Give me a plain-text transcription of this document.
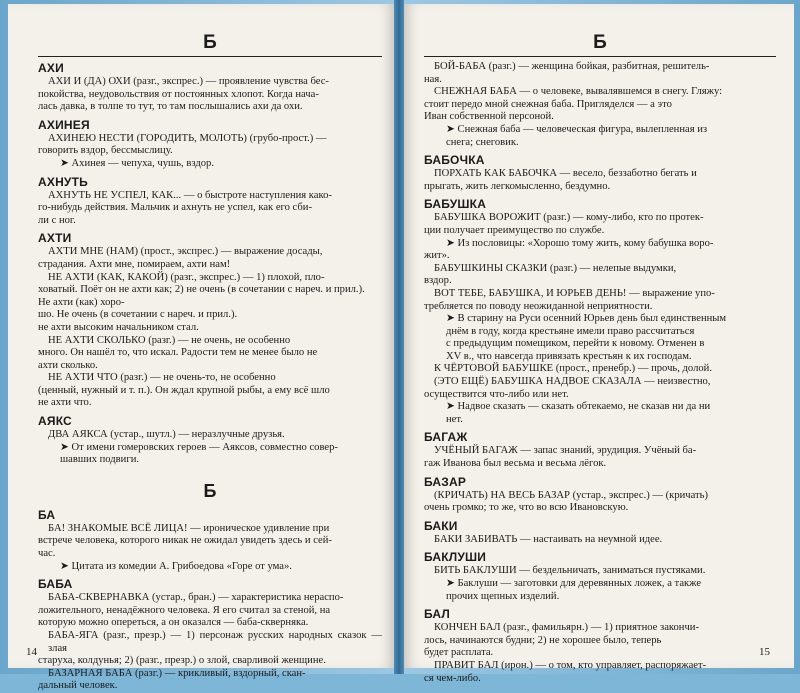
Б
АХИ
АХИ И (ДА) ОХИ (разг., экспрес.) — проявление чувства бес-
покойства, неудовольствия от постоянных хлопот. Когда нача-
лась давка, в толпе то тут, то там послышались ахи да охи.
АХИНЕЯ
АХИНЕЮ НЕСТИ (ГОРОДИТЬ, МОЛОТЬ) (грубо-прост.) —
говорить вздор, бессмыслицу.
➤ Ахинея — чепуха, чушь, вздор.
АХНУТЬ
АХНУТЬ НЕ УСПЕЛ, КАК... — о быстроте наступления како-
го-нибудь действия. Мальчик и ахнуть не успел, как его сби-
ли с ног.
АХТИ
АХТИ МНЕ (НАМ) (прост., экспрес.) — выражение досады,
страдания. Ахти мне, помираем, ахти нам!
НЕ АХТИ (КАК, КАКОЙ) (разг., экспрес.) — 1) плохой, пло-
ховатый. Поёт он не ахти как; 2) не очень (в сочетании с нареч. и прил.).
Не ахти (как) хоро-
шо. Не очень (в сочетании с нареч. и прил.).
не ахти высоким начальником стал.
НЕ АХТИ СКОЛЬКО (разг.) — не очень, не особенно
много. Он нашёл то, что искал. Радости тем не менее было не
ахти сколько.
НЕ АХТИ ЧТО (разг.) — не очень-то, не особенно
(ценный, нужный и т. п.). Он ждал крупной рыбы, а ему всё шло
не ахти что.
АЯКС
ДВА АЯКСА (устар., шутл.) — неразлучные друзья.
➤ От имени гомеровских героев — Аяксов, совместно совер-
шавших подвиги.
Б
БА
БА! ЗНАКОМЫЕ ВСЁ ЛИЦА! — ироническое удивление при
встрече человека, которого никак не ожидал увидеть здесь и сей-
час.
➤ Цитата из комедии А. Грибоедова «Горе от ума».
БАБА
БАБА-СКВЕРНАВКА (устар., бран.) — характеристика нераспо-
ложительного, ненадёжного человека. Я его считал за стеной, на
которую можно опереться, а он оказался — баба-скверняка.
БАБА-ЯГА (разг., презр.) — 1) персонаж русских народных сказок — злая
старуха, колдунья; 2) (разг., презр.) о злой, сварливой женщине.
БАЗАРНАЯ БАБА (разг.) — крикливый, вздорный, скан-
дальный человек.
14
Б
БОЙ-БАБА (разг.) — женщина бойкая, разбитная, решитель-
ная.
СНЕЖНАЯ БАБА — о человеке, вывалявшемся в снегу. Гляжу:
стоит передо мной снежная баба. Пригляделся — а это
Иван собственной персоной.
➤ Снежная баба — человеческая фигура, вылепленная из
снега; снеговик.
БАБОЧКА
ПОРХАТЬ КАК БАБОЧКА — весело, беззаботно бегать и
прыгать, жить легкомысленно, бездумно.
БАБУШКА
БАБУШКА ВОРОЖИТ (разг.) — кому-либо, кто по протек-
ции получает преимущество по службе.
➤ Из пословицы: «Хорошо тому жить, кому бабушка воро-
жит».
БАБУШКИНЫ СКАЗКИ (разг.) — нелепые выдумки,
вздор.
ВОТ ТЕБЕ, БАБУШКА, И ЮРЬЕВ ДЕНЬ! — выражение упо-
требляется по поводу неожиданной неприятности.
➤ В старину на Руси осенний Юрьев день был единственным
днём в году, когда крестьяне имели право рассчитаться
с предыдущим помещиком, перейти к новому. Отменен в
XV в., что навсегда привязать крестьян к их господам.
К ЧЁРТОВОЙ БАБУШКЕ (прост., пренебр.) — прочь, долой.
(ЭТО ЕЩЁ) БАБУШКА НАДВОЕ СКАЗАЛА — неизвестно,
осуществится что-либо или нет.
➤ Надвое сказать — сказать обтекаемо, не сказав ни да ни
нет.
БАГАЖ
УЧЁНЫЙ БАГАЖ — запас знаний, эрудиция. Учёный ба-
гаж Иванова был весьма и весьма лёгок.
БАЗАР
(КРИЧАТЬ) НА ВЕСЬ БАЗАР (устар., экспрес.) — (кричать)
очень громко; то же, что во всю Ивановскую.
БАКИ
БАКИ ЗАБИВАТЬ — настаивать на неумной идее.
БАКЛУШИ
БИТЬ БАКЛУШИ — бездельничать, заниматься пустяками.
➤ Баклуши — заготовки для деревянных ложек, а также
прочих щепных изделий.
БАЛ
КОНЧЕН БАЛ (разг., фамильярн.) — 1) приятное закончи-
лось, начинаются будни; 2) не хорошее было, теперь
будет расплата.
ПРАВИТ БАЛ (ирон.) — о том, кто управляет, распоряжает-
ся чем-либо.
15
